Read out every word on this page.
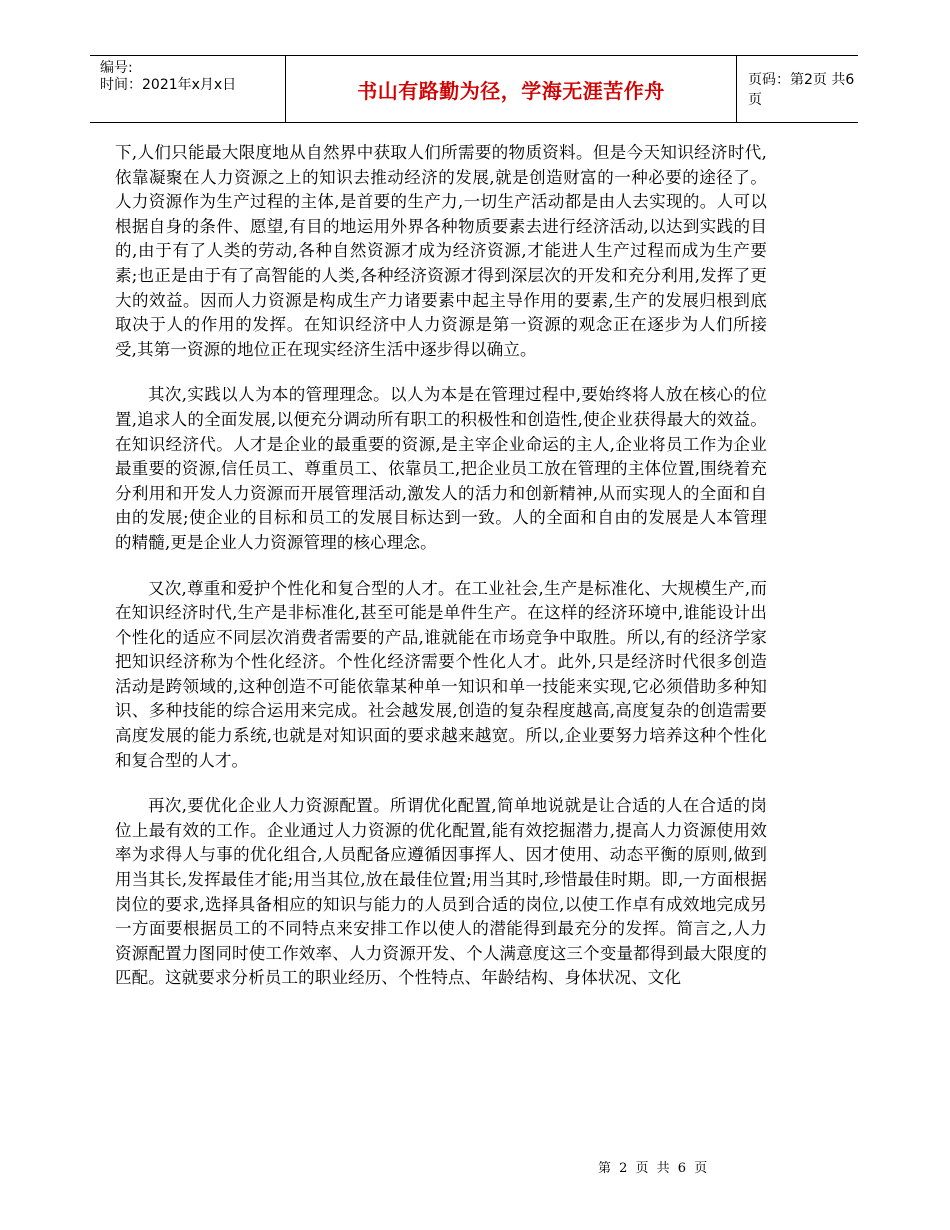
编号:
时间：2021年x月x日	书山有路勤为径，学海无涯苦作舟	页码：第2页 共6页

下,人们只能最大限度地从自然界中获取人们所需要的物质资料。但是今天知识经济时代,依靠凝聚在人力资源之上的知识去推动经济的发展,就是创造财富的一种必要的途径了。人力资源作为生产过程的主体,是首要的生产力,一切生产活动都是由人去实现的。人可以根据自身的条件、愿望,有目的地运用外界各种物质要素去进行经济活动,以达到实践的目的,由于有了人类的劳动,各种自然资源才成为经济资源,才能进人生产过程而成为生产要素;也正是由于有了高智能的人类,各种经济资源才得到深层次的开发和充分利用,发挥了更大的效益。因而人力资源是构成生产力诸要素中起主导作用的要素,生产的发展归根到底取决于人的作用的发挥。在知识经济中人力资源是第一资源的观念正在逐步为人们所接受,其第一资源的地位正在现实经济生活中逐步得以确立。

其次,实践以人为本的管理理念。以人为本是在管理过程中,要始终将人放在核心的位置,追求人的全面发展,以便充分调动所有职工的积极性和创造性,使企业获得最大的效益。在知识经济代。人才是企业的最重要的资源,是主宰企业命运的主人,企业将员工作为企业最重要的资源,信任员工、尊重员工、依靠员工,把企业员工放在管理的主体位置,围绕着充分利用和开发人力资源而开展管理活动,激发人的活力和创新精神,从而实现人的全面和自由的发展;使企业的目标和员工的发展目标达到一致。人的全面和自由的发展是人本管理的精髓,更是企业人力资源管理的核心理念。

又次,尊重和爱护个性化和复合型的人才。在工业社会,生产是标准化、大规模生产,而在知识经济时代,生产是非标准化,甚至可能是单件生产。在这样的经济环境中,谁能设计出个性化的适应不同层次消费者需要的产品,谁就能在市场竞争中取胜。所以,有的经济学家把知识经济称为个性化经济。个性化经济需要个性化人才。此外,只是经济时代很多创造活动是跨领域的,这种创造不可能依靠某种单一知识和单一技能来实现,它必须借助多种知识、多种技能的综合运用来完成。社会越发展,创造的复杂程度越高,高度复杂的创造需要高度发展的能力系统,也就是对知识面的要求越来越宽。所以,企业要努力培养这种个性化和复合型的人才。

再次,要优化企业人力资源配置。所谓优化配置,简单地说就是让合适的人在合适的岗位上最有效的工作。企业通过人力资源的优化配置,能有效挖掘潜力,提高人力资源使用效率为求得人与事的优化组合,人员配备应遵循因事挥人、因才使用、动态平衡的原则,做到用当其长,发挥最佳才能;用当其位,放在最佳位置;用当其时,珍惜最佳时期。即,一方面根据岗位的要求,选择具备相应的知识与能力的人员到合适的岗位,以使工作卓有成效地完成另一方面要根据员工的不同特点来安排工作以使人的潜能得到最充分的发挥。简言之,人力资源配置力图同时使工作效率、人力资源开发、个人满意度这三个变量都得到最大限度的匹配。这就要求分析员工的职业经历、个性特点、年龄结构、身体状况、文化

第 2 页 共 6 页
